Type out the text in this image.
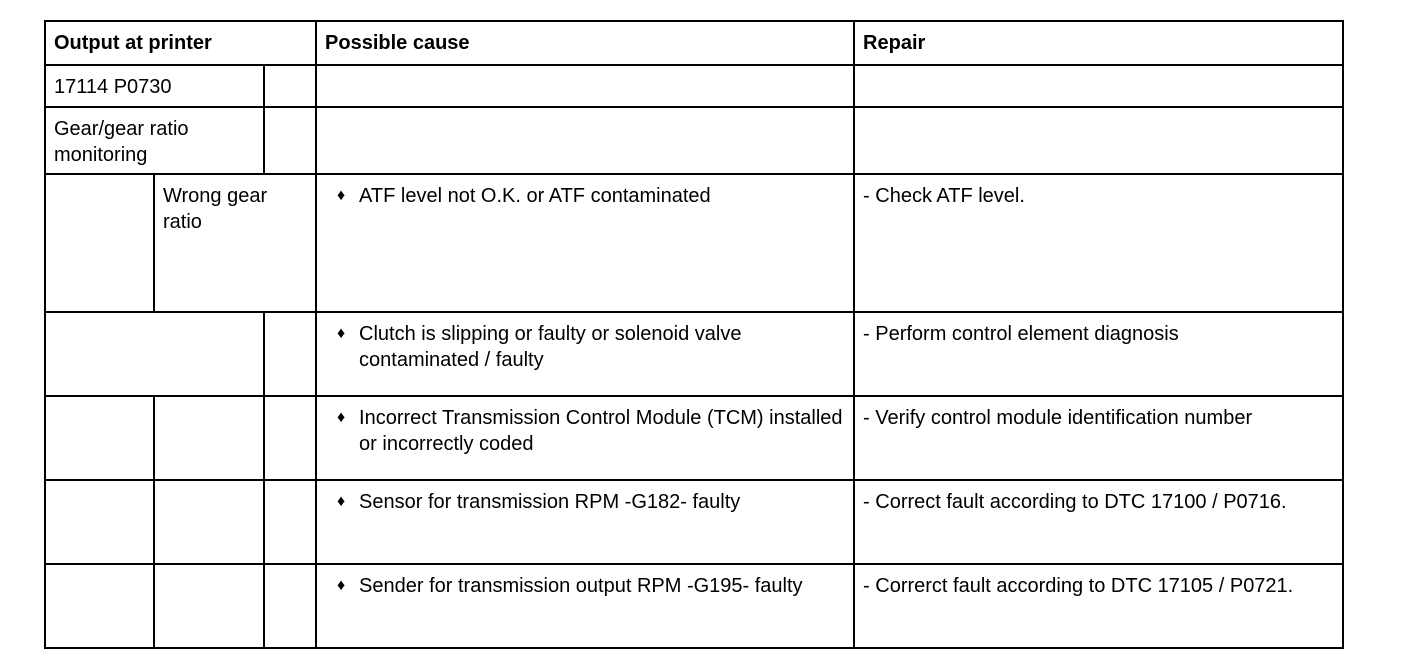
Output at printer			Possible cause	Repair
17114 P0730				
Gear/gear ratio monitoring				
	Wrong gear ratio		♦ ATF level not O.K. or ATF contaminated	- Check ATF level.

			♦ Clutch is slipping or faulty or solenoid valve contaminated / faulty	- Perform control element diagnosis

			♦ Incorrect Transmission Control Module (TCM) installed or incorrectly coded	- Verify control module identification number

			♦ Sensor for transmission RPM -G182- faulty	- Correct fault according to DTC 17100 / P0716.

			♦ Sender for transmission output RPM -G195- faulty	- Correrct fault according to DTC 17105 / P0721.
